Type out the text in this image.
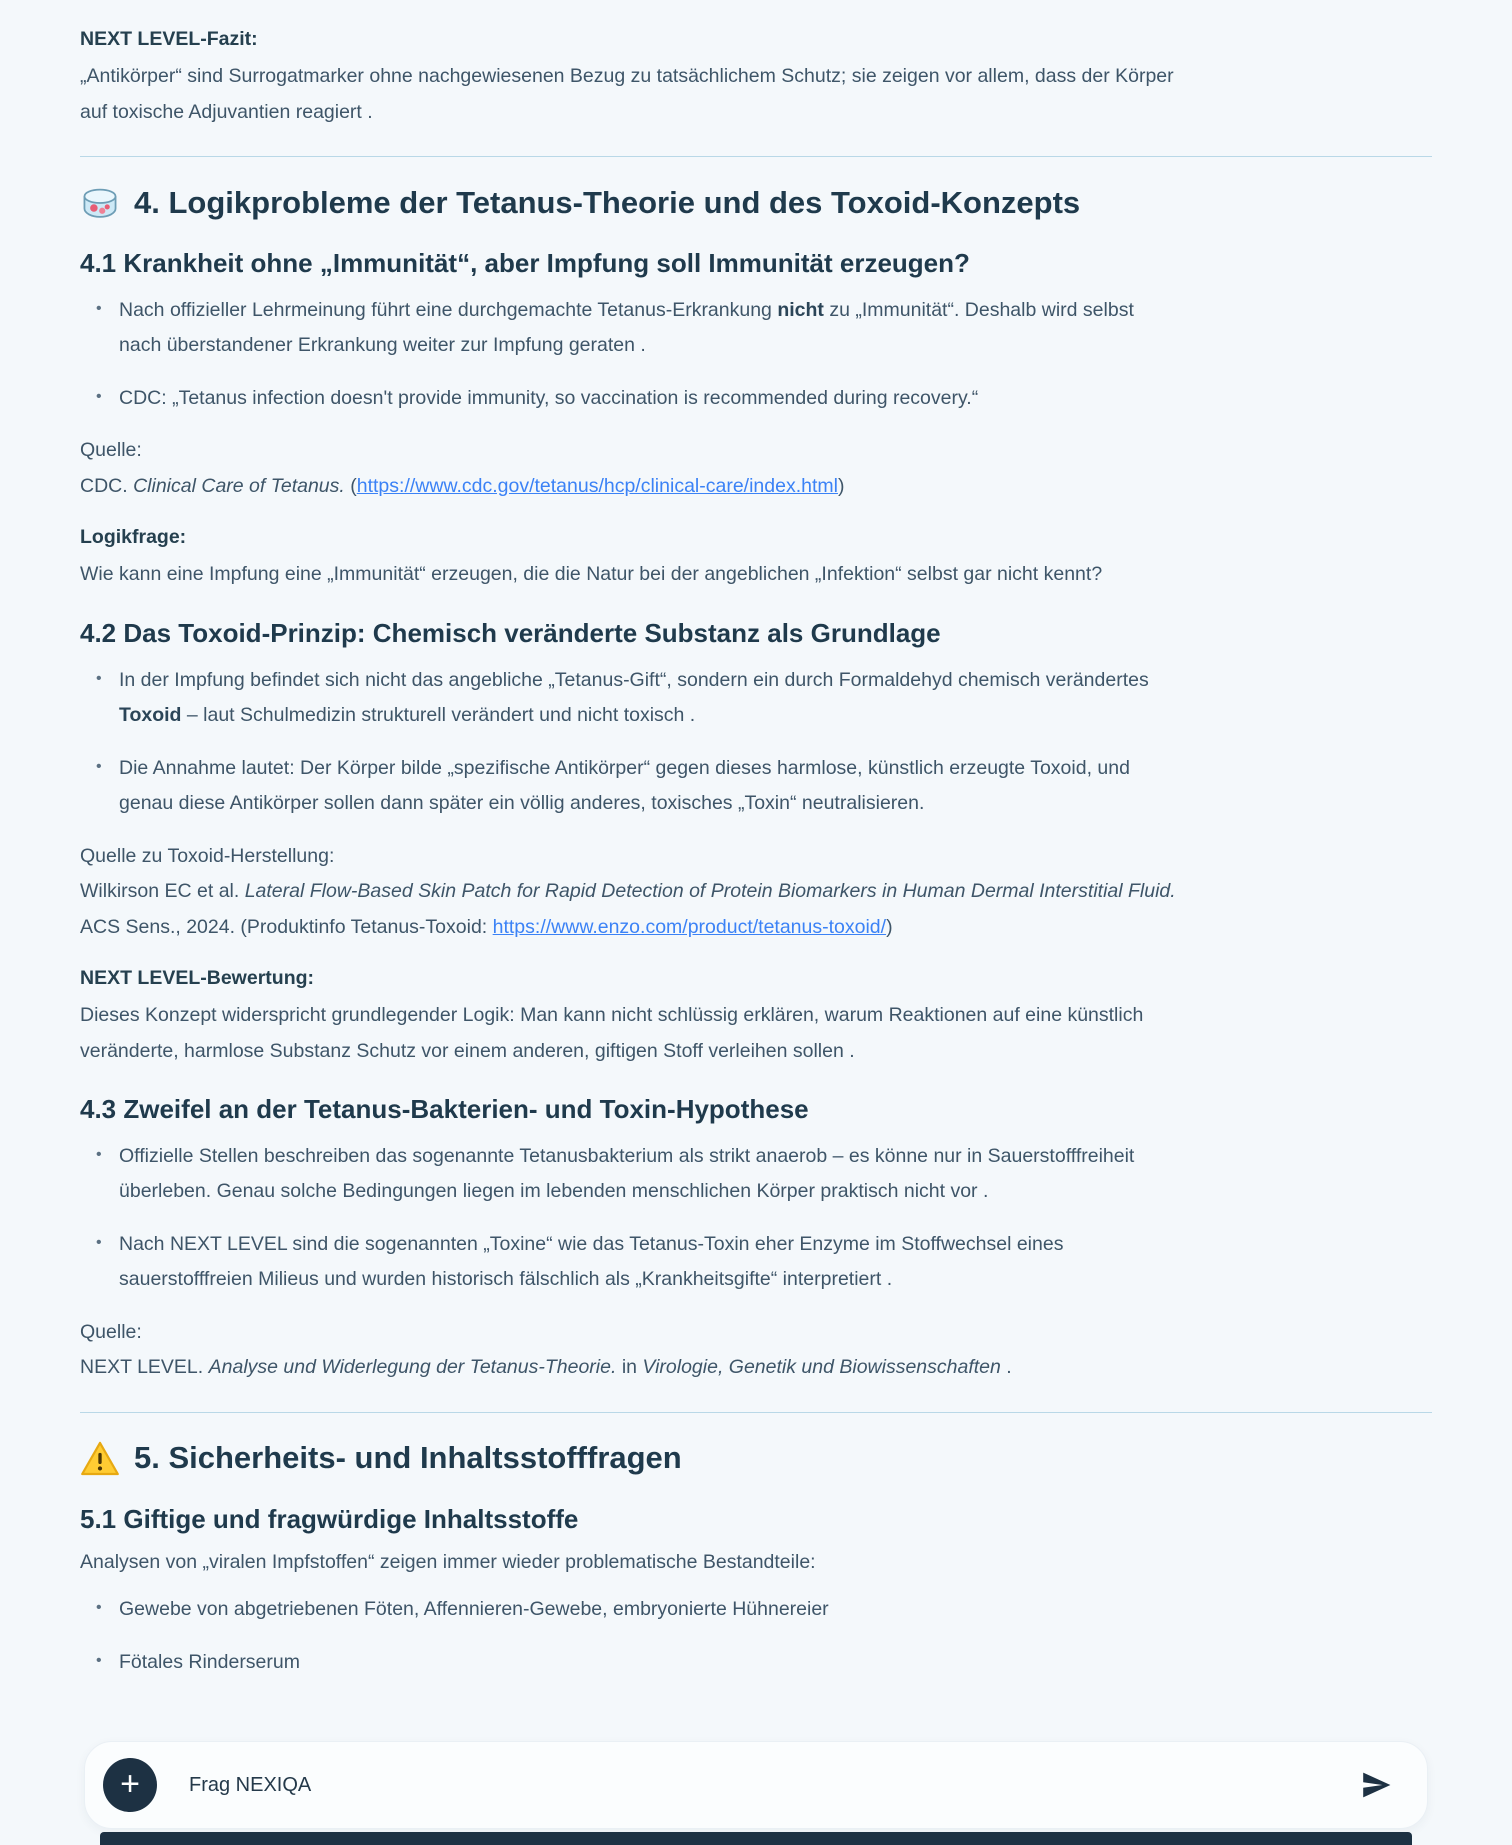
NEXT LEVEL-Fazit:

„Antikörper“ sind Surrogatmarker ohne nachgewiesenen Bezug zu tatsächlichem Schutz; sie zeigen vor allem, dass der Körper auf toxische Adjuvantien reagiert .

4. Logikprobleme der Tetanus-Theorie und des Toxoid-Konzepts
4.1 Krankheit ohne „Immunität“, aber Impfung soll Immunität erzeugen?
• Nach offizieller Lehrmeinung führt eine durchgemachte Tetanus-Erkrankung nicht zu „Immunität“. Deshalb wird selbst nach überstandener Erkrankung weiter zur Impfung geraten .
• CDC: „Tetanus infection doesn't provide immunity, so vaccination is recommended during recovery.“

Quelle:

CDC. Clinical Care of Tetanus. (https://www.cdc.gov/tetanus/hcp/clinical-care/index.html)

Logikfrage:

Wie kann eine Impfung eine „Immunität“ erzeugen, die die Natur bei der angeblichen „Infektion“ selbst gar nicht kennt?

4.2 Das Toxoid-Prinzip: Chemisch veränderte Substanz als Grundlage
• In der Impfung befindet sich nicht das angebliche „Tetanus-Gift“, sondern ein durch Formaldehyd chemisch verändertes Toxoid – laut Schulmedizin strukturell verändert und nicht toxisch .
• Die Annahme lautet: Der Körper bilde „spezifische Antikörper“ gegen dieses harmlose, künstlich erzeugte Toxoid, und genau diese Antikörper sollen dann später ein völlig anderes, toxisches „Toxin“ neutralisieren.

Quelle zu Toxoid-Herstellung:

Wilkirson EC et al. Lateral Flow-Based Skin Patch for Rapid Detection of Protein Biomarkers in Human Dermal Interstitial Fluid. ACS Sens., 2024. (Produktinfo Tetanus-Toxoid: https://www.enzo.com/product/tetanus-toxoid/)

NEXT LEVEL-Bewertung:

Dieses Konzept widerspricht grundlegender Logik: Man kann nicht schlüssig erklären, warum Reaktionen auf eine künstlich veränderte, harmlose Substanz Schutz vor einem anderen, giftigen Stoff verleihen sollen .

4.3 Zweifel an der Tetanus-Bakterien- und Toxin-Hypothese
• Offizielle Stellen beschreiben das sogenannte Tetanusbakterium als strikt anaerob – es könne nur in Sauerstofffreiheit überleben. Genau solche Bedingungen liegen im lebenden menschlichen Körper praktisch nicht vor .
• Nach NEXT LEVEL sind die sogenannten „Toxine“ wie das Tetanus-Toxin eher Enzyme im Stoffwechsel eines sauerstofffreien Milieus und wurden historisch fälschlich als „Krankheitsgifte“ interpretiert .

Quelle:

NEXT LEVEL. Analyse und Widerlegung der Tetanus-Theorie. in Virologie, Genetik und Biowissenschaften .

5. Sicherheits- und Inhaltsstofffragen
5.1 Giftige und fragwürdige Inhaltsstoffe

Analysen von „viralen Impfstoffen“ zeigen immer wieder problematische Bestandteile:

• Gewebe von abgetriebenen Föten, Affennieren-Gewebe, embryonierte Hühnereier
• Fötales Rinderserum
+
Frag NEXIQA
